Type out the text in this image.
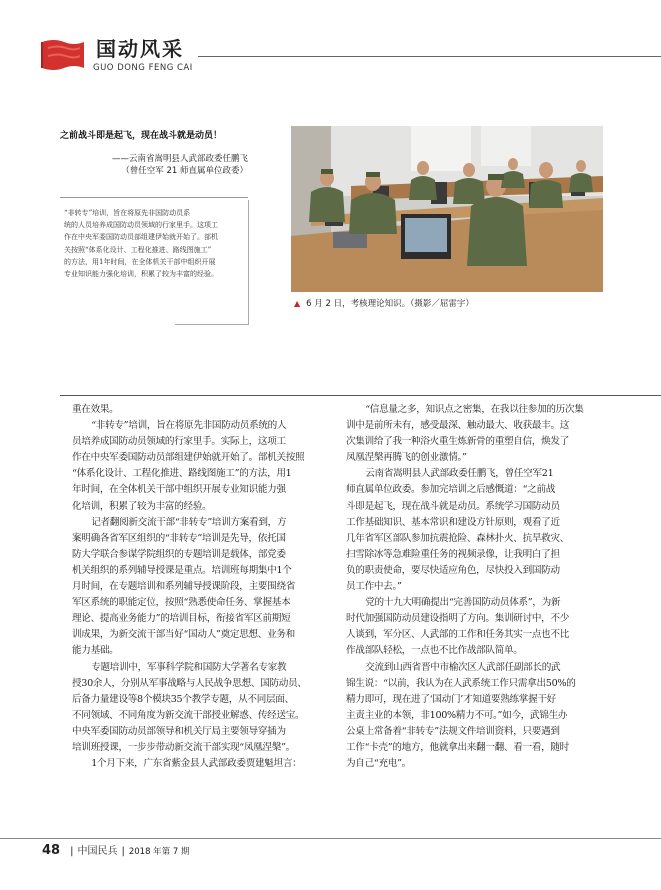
国动风采
GUO DONG FENG CAI
之前战斗即是起飞，现在战斗就是动员！
——云南省嵩明县人武部政委任鹏飞
（曾任空军 21 师直属单位政委）

“非转专”培训，旨在将原先非国防动员系

统的人员培养成国防动员领域的行家里手。这项工

作在中央军委国防动员部组建伊始就开始了。部机

关按照“体系化设计、工程化推进、路线图施工”

的方法，用1年时间，在全体机关干部中组织开展

专业知识能力强化培训，积累了较为丰富的经验。

▲ 6 月 2 日，考核理论知识。（摄影／屈雷宇）

重在效果。

“非转专”培训，旨在将原先非国防动员系统的人

员培养成国防动员领域的行家里手。实际上，这项工

作在中央军委国防动员部组建伊始就开始了。部机关按照

“体系化设计、工程化推进、路线图施工”的方法，用1

年时间，在全体机关干部中组织开展专业知识能力强

化培训，积累了较为丰富的经验。

记者翻阅新交流干部“非转专”培训方案看到，方

案明确各省军区组织的“非转专”培训是先导，依托国

防大学联合参谋学院组织的专题培训是载体，部党委

机关组织的系列辅导授课是重点。培训班每期集中1个

月时间，在专题培训和系列辅导授课阶段，主要围绕省

军区系统的职能定位，按照“熟悉使命任务、掌握基本

理论、提高业务能力”的培训目标，衔接省军区前期短

训成果，为新交流干部当好“国动人”奠定思想、业务和

能力基础。

专题培训中，军事科学院和国防大学著名专家教

授30余人，分别从军事战略与人民战争思想、国防动员、

后备力量建设等8个模块35个教学专题，从不同层面、

不同领域、不同角度为新交流干部授业解惑、传经送宝。

中央军委国防动员部领导和机关厅局主要领导穿插为

培训班授课，一步步带动新交流干部实现“凤凰涅槃”。

1个月下来，广东省紫金县人武部政委贾建魁坦言：

“信息量之多，知识点之密集，在我以往参加的历次集

训中是前所未有，感受最深、触动最大、收获最丰。这

次集训给了我一种浴火重生炼新骨的重塑自信，焕发了

凤凰涅槃再腾飞的创业激情。”

云南省嵩明县人武部政委任鹏飞，曾任空军21

师直属单位政委。参加完培训之后感慨道：“之前战

斗即是起飞，现在战斗就是动员。系统学习国防动员

工作基础知识、基本常识和建设方针原则，观看了近

几年省军区部队参加抗震抢险、森林扑火、抗旱救灾、

扫雪除冰等急难险重任务的视频录像，让我明白了担

负的职责使命，要尽快适应角色，尽快投入到国防动

员工作中去。”

党的十九大明确提出“完善国防动员体系”，为新

时代加强国防动员建设指明了方向。集训研讨中，不少

人谈到，军分区、人武部的工作和任务其实一点也不比

作战部队轻松，一点也不比作战部队简单。

交流到山西省晋中市榆次区人武部任副部长的武

锦生说：“以前，我认为在人武系统工作只需拿出50%的

精力即可，现在进了‘国动门’才知道要熟练掌握干好

主责主业的本领，非100%精力不可。”如今，武锦生办

公桌上常备着“非转专”法规文件培训资料，只要遇到

工作“卡壳”的地方，他就拿出来翻一翻、看一看，随时

为自己“充电”。

48 | 中国民兵 | 2018 年第 7 期
